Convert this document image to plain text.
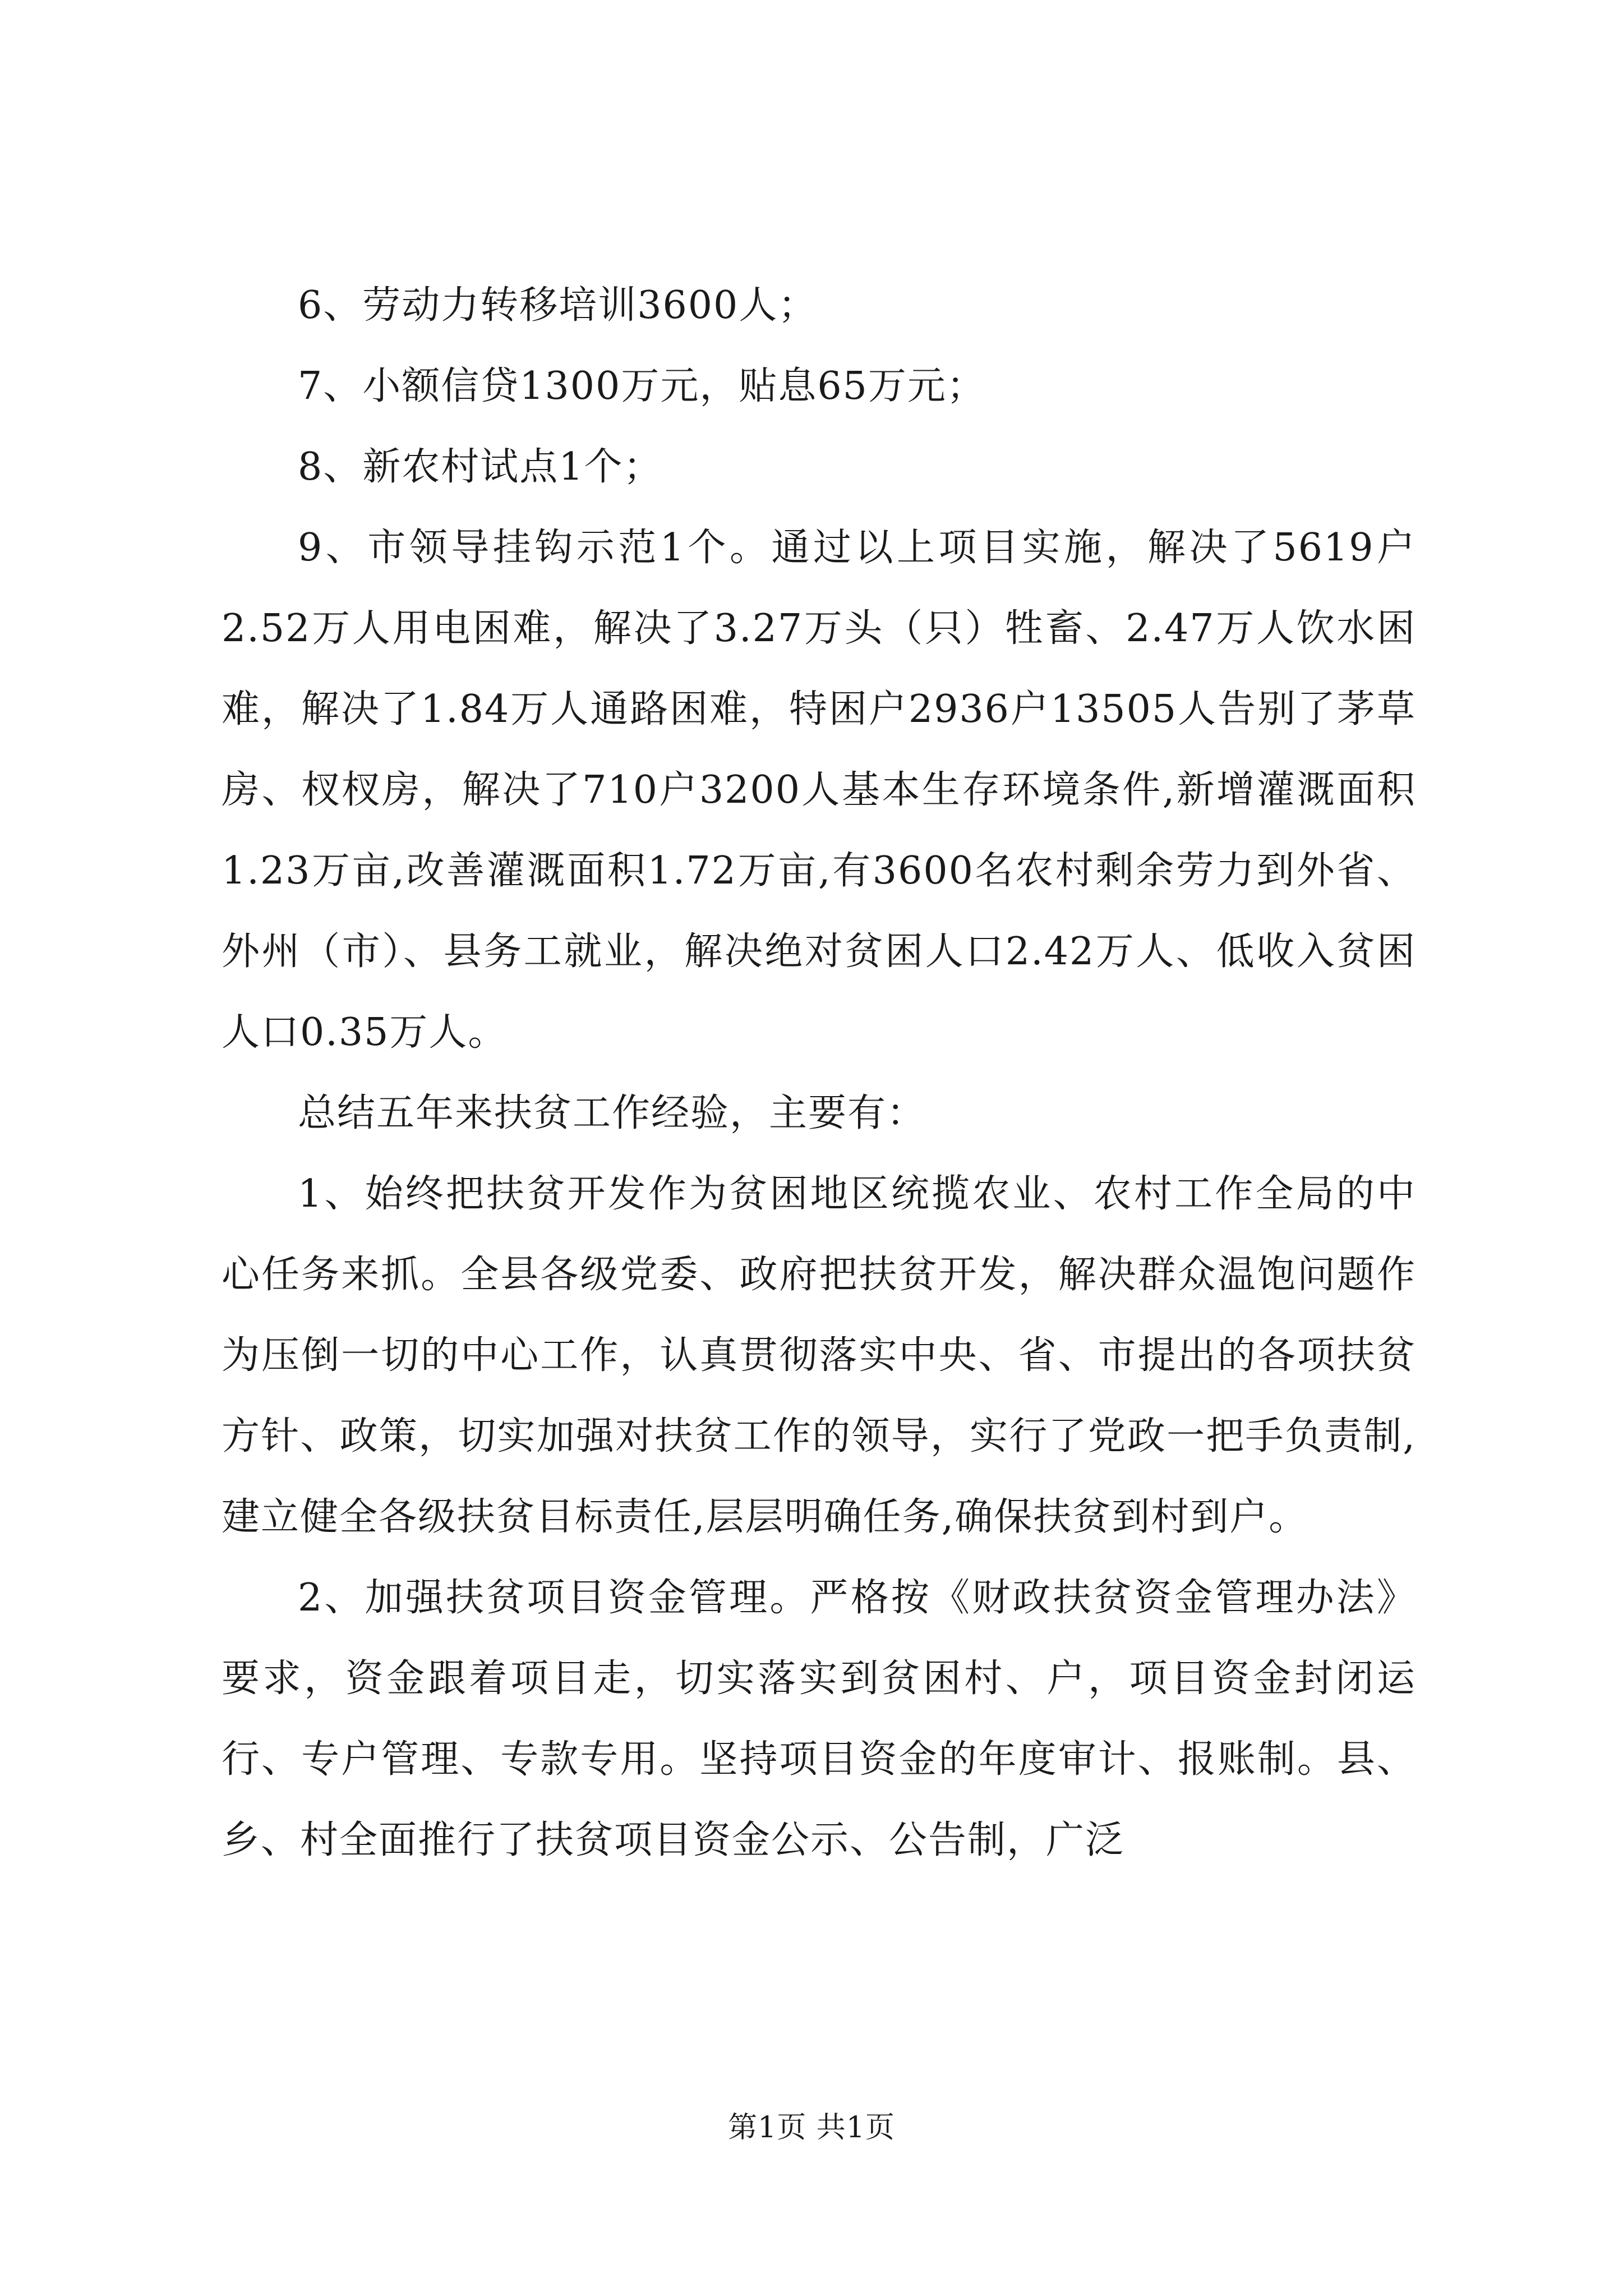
6、劳动力转移培训3600人；

7、小额信贷1300万元，贴息65万元；

8、新农村试点1个；

9、市领导挂钩示范1个。通过以上项目实施，解决了5619户2.52万人用电困难，解决了3.27万头（只）牲畜、2.47万人饮水困难，解决了1.84万人通路困难，特困户2936户13505人告别了茅草房、杈杈房，解决了710户3200人基本生存环境条件,新增灌溉面积1.23万亩,改善灌溉面积1.72万亩,有3600名农村剩余劳力到外省、外州（市）、县务工就业，解决绝对贫困人口2.42万人、低收入贫困人口0.35万人。

总结五年来扶贫工作经验，主要有：

1、始终把扶贫开发作为贫困地区统揽农业、农村工作全局的中心任务来抓。全县各级党委、政府把扶贫开发，解决群众温饱问题作为压倒一切的中心工作，认真贯彻落实中央、省、市提出的各项扶贫方针、政策，切实加强对扶贫工作的领导，实行了党政一把手负责制,建立健全各级扶贫目标责任,层层明确任务,确保扶贫到村到户。

2、加强扶贫项目资金管理。严格按《财政扶贫资金管理办法》要求，资金跟着项目走，切实落实到贫困村、户，项目资金封闭运行、专户管理、专款专用。坚持项目资金的年度审计、报账制。县、乡、村全面推行了扶贫项目资金公示、公告制，广泛

第1页 共1页
